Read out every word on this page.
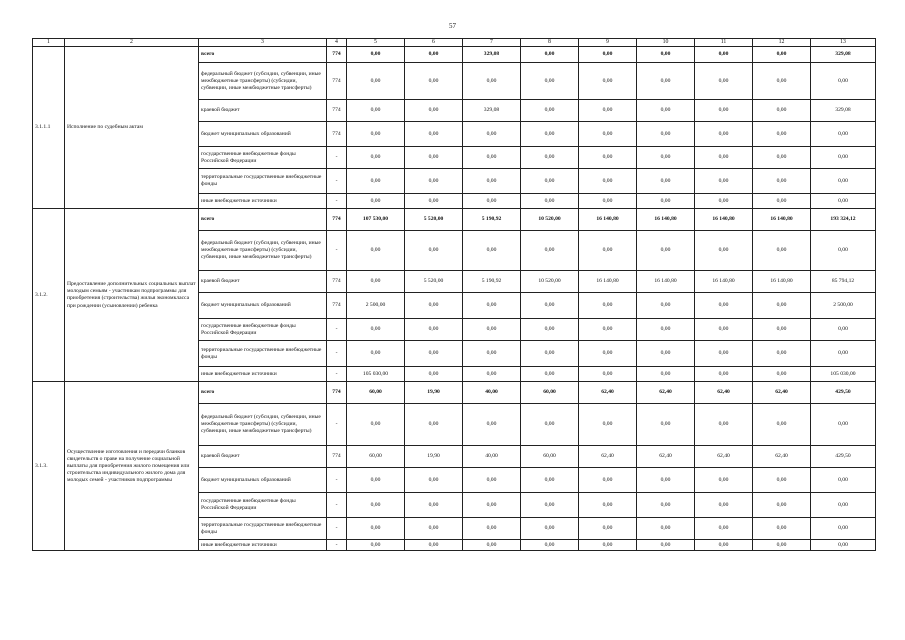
57
1	2	3	4	5	6	7	8	9	10	11	12	13
3.1.1.1	Исполнение по судебным актам	всего	774	0,00	0,00	329,08	0,00	0,00	0,00	0,00	0,00	329,08
		федеральный бюджет (субсидии, субвенции, иные межбюджетные трансферты) (субсидии, субвенции, иные межбюджетные трансферты)	774	0,00	0,00	0,00	0,00	0,00	0,00	0,00	0,00	0,00
		краевой бюджет	774	0,00	0,00	329,08	0,00	0,00	0,00	0,00	0,00	329,08
		бюджет муниципальных образований	774	0,00	0,00	0,00	0,00	0,00	0,00	0,00	0,00	0,00
		государственные внебюджетные фонды Российской Федерации	-	0,00	0,00	0,00	0,00	0,00	0,00	0,00	0,00	0,00
		территориальные государственные внебюджетные фонды	-	0,00	0,00	0,00	0,00	0,00	0,00	0,00	0,00	0,00
		иные внебюджетные источники	-	0,00	0,00	0,00	0,00	0,00	0,00	0,00	0,00	0,00
3.1.2.	Предоставление дополнительных социальных выплат молодым семьям - участникам подпрограммы для приобретения (строительства) жилья экономкласса при рождении (усыновлении) ребенка	всего	774	107 530,00	5 520,00	5 190,92	10 520,00	16 140,80	16 140,80	16 140,80	16 140,80	193 324,12
		федеральный бюджет (субсидии, субвенции, иные межбюджетные трансферты) (субсидии, субвенции, иные межбюджетные трансферты)	-	0,00	0,00	0,00	0,00	0,00	0,00	0,00	0,00	0,00
		краевой бюджет	774	0,00	5 520,00	5 190,92	10 520,00	16 140,80	16 140,80	16 140,80	16 140,80	85 794,12
		бюджет муниципальных образований	774	2 500,00	0,00	0,00	0,00	0,00	0,00	0,00	0,00	2 500,00
		государственные внебюджетные фонды Российской Федерации	-	0,00	0,00	0,00	0,00	0,00	0,00	0,00	0,00	0,00
		территориальные государственные внебюджетные фонды	-	0,00	0,00	0,00	0,00	0,00	0,00	0,00	0,00	0,00
		иные внебюджетные источники	-	105 030,00	0,00	0,00	0,00	0,00	0,00	0,00	0,00	105 030,00
3.1.3.	Осуществление изготовления и передачи бланков свидетельств о праве на получение социальной выплаты для приобретения жилого помещения или строительства индивидуального жилого дома для молодых семей - участников подпрограммы	всего	774	60,00	19,90	40,00	60,00	62,40	62,40	62,40	62,40	429,50
		федеральный бюджет (субсидии, субвенции, иные межбюджетные трансферты) (субсидии, субвенции, иные межбюджетные трансферты)	-	0,00	0,00	0,00	0,00	0,00	0,00	0,00	0,00	0,00
		краевой бюджет	774	60,00	19,90	40,00	60,00	62,40	62,40	62,40	62,40	429,50
		бюджет муниципальных образований	-	0,00	0,00	0,00	0,00	0,00	0,00	0,00	0,00	0,00
		государственные внебюджетные фонды Российской Федерации	-	0,00	0,00	0,00	0,00	0,00	0,00	0,00	0,00	0,00
		территориальные государственные внебюджетные фонды	-	0,00	0,00	0,00	0,00	0,00	0,00	0,00	0,00	0,00
		иные внебюджетные источники	-	0,00	0,00	0,00	0,00	0,00	0,00	0,00	0,00	0,00
